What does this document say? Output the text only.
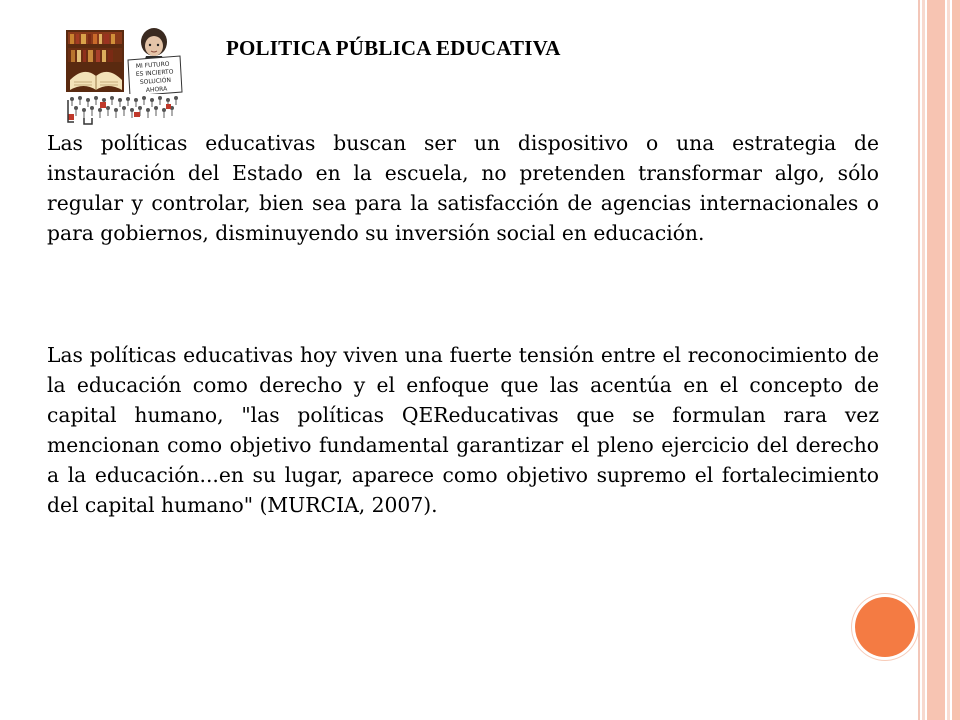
MI FUTURO
ES INCIERTO
SOLUCIÓN
AHORA
POLITICA PÚBLICA EDUCATIVA

Las políticas educativas buscan ser un dispositivo o una estrategia de instauración del Estado en la escuela, no pretenden transformar algo, sólo regular y controlar, bien sea para la satisfacción de agencias internacionales o para gobiernos, disminuyendo su inversión social en educación.

Las políticas educativas hoy viven una fuerte tensión entre el reconocimiento de la educación como derecho y el enfoque que las acentúa en el concepto de capital humano, "las políticas QEReducativas que se formulan rara vez mencionan como objetivo fundamental garantizar el pleno ejercicio del derecho a la educación...en su lugar, aparece como objetivo supremo el fortalecimiento del capital humano" (MURCIA, 2007).
